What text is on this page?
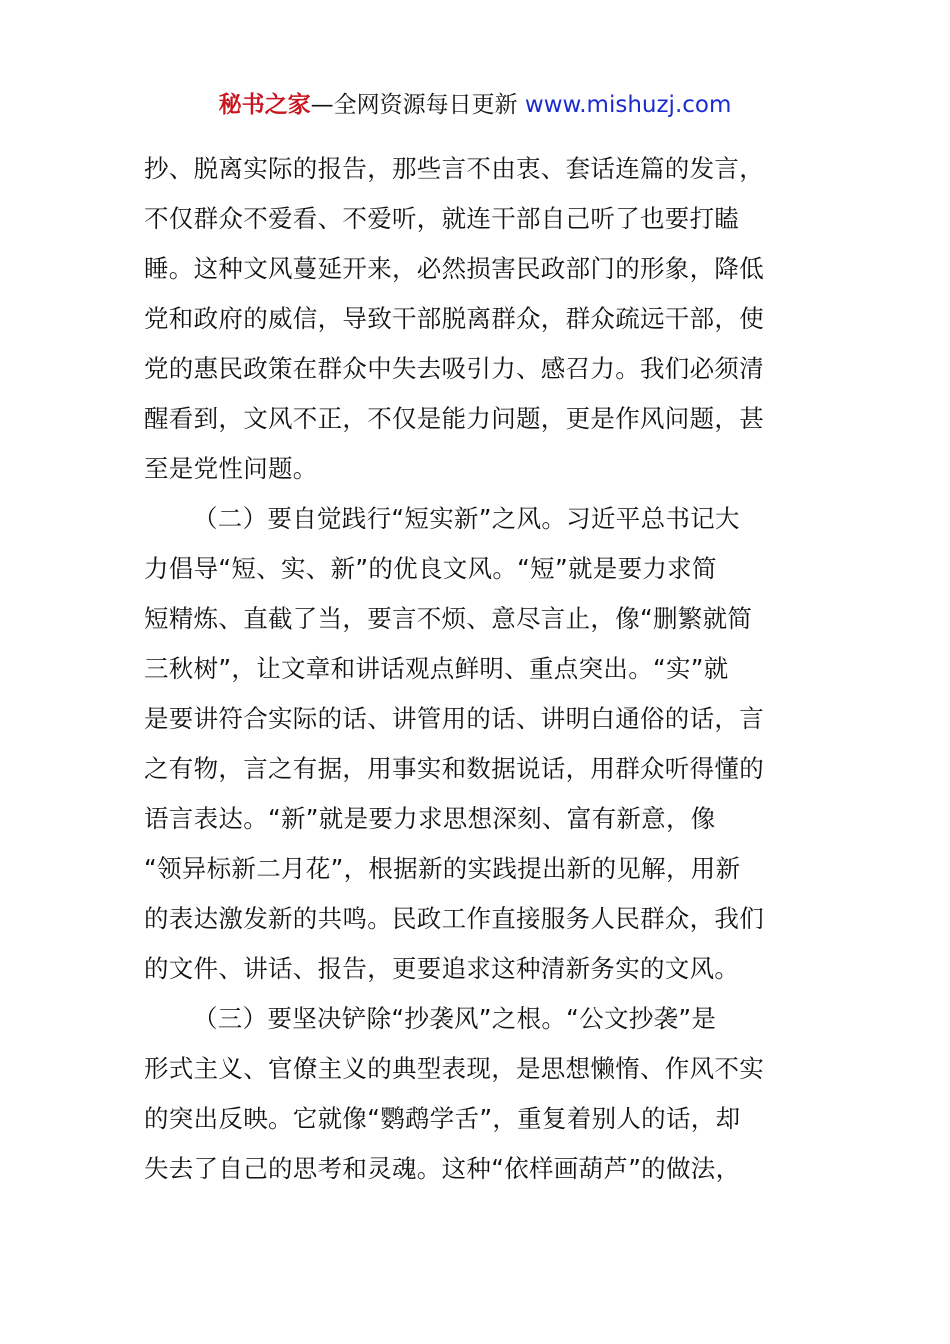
秘书之家—全网资源每日更新 www.mishuzj.com
抄、脱离实际的报告，那些言不由衷、套话连篇的发言，
不仅群众不爱看、不爱听，就连干部自己听了也要打瞌
睡。这种文风蔓延开来，必然损害民政部门的形象，降低
党和政府的威信，导致干部脱离群众，群众疏远干部，使
党的惠民政策在群众中失去吸引力、感召力。我们必须清
醒看到，文风不正，不仅是能力问题，更是作风问题，甚
至是党性问题。
（二）要自觉践行“短实新”之风。习近平总书记大
力倡导“短、实、新”的优良文风。“短”就是要力求简
短精炼、直截了当，要言不烦、意尽言止，像“删繁就简
三秋树”，让文章和讲话观点鲜明、重点突出。“实”就
是要讲符合实际的话、讲管用的话、讲明白通俗的话，言
之有物，言之有据，用事实和数据说话，用群众听得懂的
语言表达。“新”就是要力求思想深刻、富有新意，像
“领异标新二月花”，根据新的实践提出新的见解，用新
的表达激发新的共鸣。民政工作直接服务人民群众，我们
的文件、讲话、报告，更要追求这种清新务实的文风。
（三）要坚决铲除“抄袭风”之根。“公文抄袭”是
形式主义、官僚主义的典型表现，是思想懒惰、作风不实
的突出反映。它就像“鹦鹉学舌”，重复着别人的话，却
失去了自己的思考和灵魂。这种“依样画葫芦”的做法，
